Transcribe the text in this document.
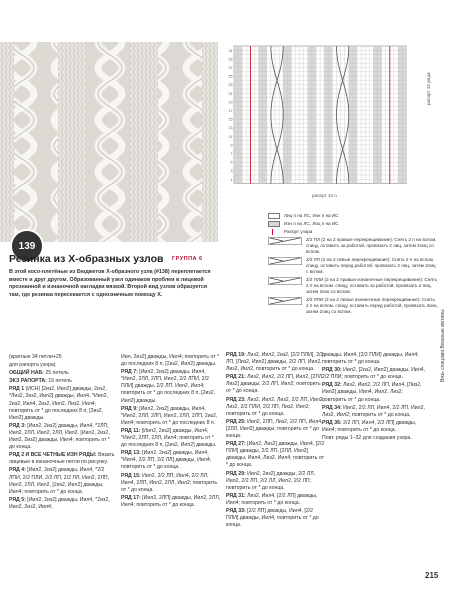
139
Резинка из Х-образных узлов ГРУППА 6
В этой косо-плетёные из Бюджетов Х-образного узла (#138) переплетается вместе и друг другом. Образованный узел одинаков проблеи в лицевой прознанной и изнаночной нагладки вязкой. Второй вид узлов образуется там, где резинка пересекается с однозначным помощу Х.

(кратные 34 петли+25

для рапорта узора)

ОБЩИЙ НАБ: 25 петель

ЭКЗ РАПОРТА: 15 петель

РЯД 1 (ИСН) [2из2, Иил2] дважды, 2из2, *Лиз2, 2из2, Иил2] дважды, Иил4, *Иил2, 2из2, Иил4, 2из2, Иил2, Лиз2, Иил4; повторить от * до последних 8 п, [2из2, Иил2] дважды.

РЯД 3: [Иил2, 2из2] дважды, Иил4, *2ЛП, Иил2, 2ЛЛ, Иил2, 2ЛЛ, Иил2, [Иил2, 2из2, Иил2, 2из2] дважды, Иил4; повторить от * до конца.

РЯД 2 И ВСЕ ЧЕТНЫЕ ИЗН РЯДЫ: Вязать лицевые в изнаночные петли по рисунку.

РЯД 4: [Иил2, 2из2] дважды, Иил4, *2/2 ЛПИ, 2/2 ПЛИ, 2/2 ЛП, 2/2 ЛЛ, Иил2, 2ЛП, Иил2, 2ЛЛ, Иил2, [2из2, Иил2] дважды, Иил4; повторить от * до конца.

РЯД 5: [Иил2, 2из2] дважды, Иил4, *2из2, Иил2, 2из2, Иил4;

Иил, 2из2] дважды, Иил4; повторить от * до последних 8 п, [2из2, Иил2] дважды.

РЯД 7: [Иил2, 2из2] дважды, Иил4, *Иил2, 2ЛЛ, 2ЛП, Иил2, 2/2 ЛПИ, 2/2 ПЛИ] дважды, 2/2 ЛП, Иил2, Иил4; повторить от * до последних 8 п, [2из2, Иил2] дважды.

РЯД 9: [Иил2, 2из2] дважды, Иил4, *Иил2, 2ЛЛ, 2ЛП, Иил2, 2ЛЛ, 2ЛП, 2из2, Иил4; повторить от * до последних 8 п.

РЯД 11: [Иил2, 2из2] дважды, Иил4, *Иил2, 2ЛП, 2ЛЛ, Иил4; повторить от * до последних 8 п, [2из2, Иил2] дважды.

РЯД 13: [Иил2, 2из2] дважды, Иил4, *Иил4, 2/2 ЛП, 2/2 ЛЛ] дважды, Иил4; повторить от * до конца.

РЯД 15: Иил2, 2/2 ЛП, Иил4, 2/2 ЛЛ, Иил4, 2ЛП, Иил2, 2ЛЛ, Иил2; повторить от * до конца.

РЯД 17: [Иил2, 2ЛП] дважды, Иил2, 2ЛЛ, Иил4; повторить от * до конца.

РЯД 19: Лиз2, Иил2, 2из2, [2/2 ПЛИ], 2/2 ЛП, [Лиз2, Иил2] дважды, 2/2 ЛП, Иил2, Лиз2, Иил2, повторить от * до конца.

РЯД 21: Лиз2, Иил2, 2/2 ЛП, Иил2, [2ЛЛ, Лиз2] дважды, 2/2 ЛП, Иил2; повторить от * до конца.

РЯД 23: Лиз2, Иил2, Лиз2, 2/2 ЛП, Иил2, Лиз2, 2/2 ПЛИ, 2/2 ЛП, Лиз2, Иил2; повторить от * до конца.

РЯД 25: Иил2, 2ЛП, Лиз2, 2/2 ЛП, Иил4, [2ЛЛ, Иил2] дважды; повторить от * до конца.

РЯД 27: [Иил2, Лиз2] дважды, Иил4, [2/2 ПЛИ] дважды, 2/2 ЛП, [2ЛЛ, Иил2] дважды, Иил4, Лиз2, Иил4; повторить от * до конца.

РЯД 29: Иил2, 2из2] дважды, 2/2 ЛЛ, Иил2, 2/2 ЛП, 2/2 ЛЛ, Иил2, 2/2 ЛП; повторить от * до конца.

РЯД 31: Лиз2, Иил4, [2/2 ЛП] дважды, Иил4; повторить от * до конца.

РЯД 33: [2/2 ЛП] дважды, Иил4, [2/2 ПЛИ] дважды, Иил4, повторить от * до конца.

дважды, Иил4, [2/2 ПЛИ] дважды, Иил4; повторить от * до конца.

РЯД 30: Иил2, [2из2, Иил2] дважды, Иил4, 2/2 ПЛИ; повторить от * до конца.

РЯД 32: Лиз2, Иил2, 2/2 ЛП, Иил4, [Лиз2, Иил2] дважды, Иил4, Иил2, Лиз2; повторить от * до конца.

РЯД 34: Иил2, 2/2 ЛЛ, Иил4, 2/2 ЛП, Иил2, Лиз2, Иил2; повторить от * до конца.

РЯД 36: 2/2 ЛП, Иил4, 2/2 ЛП] дважды, Иил4; повторить от * до конца.

Повт. ряды 1–32 для создания узора.

31
29
27
25
23
21
19
17
15
13
11
9
7
5
3
1
рапорт 32 ряда
рапорт 34 п
Лиц п на ЛС, Изн п на ИС
Изн п на ЛС, Лиц п на ИС
Рапорт узора
2/2 ПЛ (2 на 2 правые перекрещивание): Снять 2 п на вспом. спицу, оставить за работой, провязать 2 лиц, затем 2лиц со вспом.
2/2 ЛП (2 на 2 левые перекрещивание): Снять 2 п на вспом. спицу, оставить перед работой, провязать 2 лиц, затем 2лиц с вспом.
2/2 ПЛИ (2 на 2 правые изнаночные перекрещивание): Снять 2 п на вспом. спицу, оставить за работой, провязать 2 лиц, затем 2изн со вспом.
2/2 ЛПИ (2 на 2 левые изнаночные перекрещивание): Снять 2 п на вспом. спицу, оставить перед работой, провязать 2изн, затем 2лиц со вспом.	Вязь спицами.Вязаные мотивы
215
